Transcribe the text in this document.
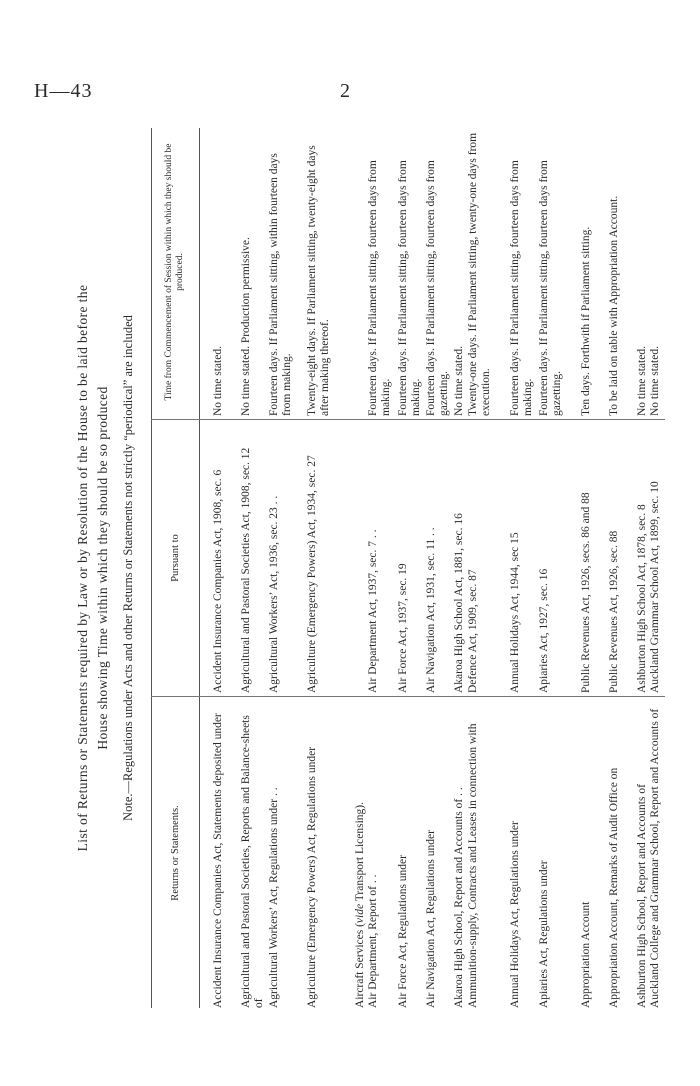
H—43	2
List of Returns or Statements required by Law or by Resolution of the House to be laid before the House showing Time within which they should be so produced Note.—Regulations under Acts and other Returns or Statements not strictly “periodical” are included
Returns or Statements.
Pursuant to
Time from Commencement of Session within which they should be produced.
Accident Insurance Companies Act, Statements deposited under
Accident Insurance Companies Act, 1908, sec. 6
No time stated.
Agricultural and Pastoral Societies, Reports and Balance-sheets of
Agricultural and Pastoral Societies Act, 1908, sec. 12
No time stated. Production permissive.
Agricultural Workers’ Act, Regulations under . .
Agricultural Workers’ Act, 1936, sec. 23 . .
Fourteen days. If Parliament sitting, within fourteen days from making.
Agriculture (Emergency Powers) Act, Regulations under
Agriculture (Emergency Powers) Act, 1934, sec. 27
Twenty-eight days. If Parliament sitting, twenty-eight days after making thereof.
Aircraft Services (vide Transport Licensing).
Air Department, Report of . .
Air Department Act, 1937, sec. 7 . .
Fourteen days. If Parliament sitting, fourteen days from making.
Air Force Act, Regulations under
Air Force Act, 1937, sec. 19
Fourteen days. If Parliament sitting, fourteen days from making.
Air Navigation Act, Regulations under
Air Navigation Act, 1931, sec. 11 . .
Fourteen days. If Parliament sitting, fourteen days from gazetting.
Akaroa High School, Report and Accounts of . .
Akaroa High School Act, 1881, sec. 16
No time stated.
Ammunition-supply, Contracts and Leases in connection with
Defence Act, 1909, sec. 87
Twenty-one days. If Parliament sitting, twenty-one days from execution.
Annual Holidays Act, Regulations under
Annual Holidays Act, 1944, sec 15
Fourteen days. If Parliament sitting, fourteen days from making.
Apiaries Act, Regulations under
Apiaries Act, 1927, sec. 16
Fourteen days. If Parliament sitting, fourteen days from gazetting.
Appropriation Account
Public Revenues Act, 1926, secs. 86 and 88
Ten days. Forthwith if Parliament sitting.
Appropriation Account, Remarks of Audit Office on
Public Revenues Act, 1926, sec. 88
To be laid on table with Appropriation Account.
Ashburton High School, Report and Accounts of
Ashburton High School Act, 1878, sec. 8
No time stated.
Auckland College and Grammar School, Report and Accounts of
Auckland Grammar School Act, 1899, sec. 10
No time stated.
